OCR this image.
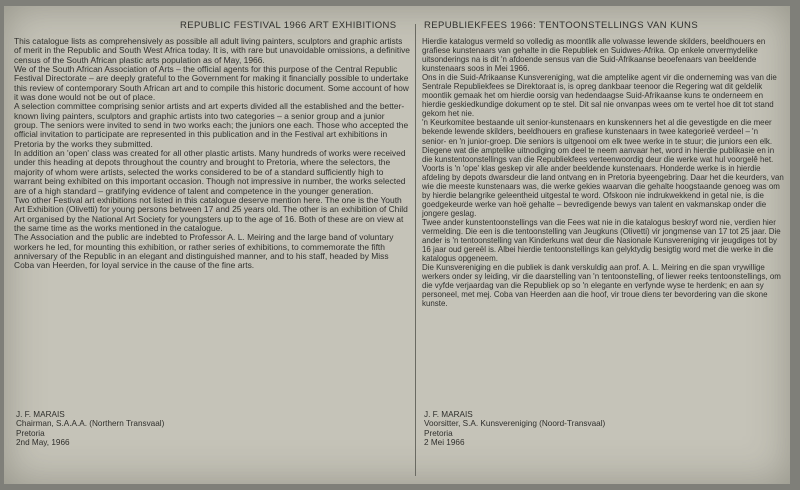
REPUBLIC FESTIVAL 1966 ART EXHIBITIONS

This catalogue lists as comprehensively as possible all adult living painters, sculptors and graphic artists of merit in the Republic and South West Africa today. It is, with rare but unavoidable omissions, a definitive census of the South African plastic arts population as of May, 1966.

We of the South African Association of Arts – the official agents for this purpose of the Central Republic Festival Directorate – are deeply grateful to the Government for making it financially possible to undertake this review of contemporary South African art and to compile this historic document. Some account of how it was done would not be out of place.

A selection committee comprising senior artists and art experts divided all the established and the better-known living painters, sculptors and graphic artists into two categories – a senior group and a junior group. The seniors were invited to send in two works each; the juniors one each. Those who accepted the official invitation to participate are represented in this publication and in the Festival art exhibitions in Pretoria by the works they submitted.

In addition an 'open' class was created for all other plastic artists. Many hundreds of works were received under this heading at depots throughout the country and brought to Pretoria, where the selectors, the majority of whom were artists, selected the works considered to be of a standard sufficiently high to warrant being exhibited on this important occasion. Though not impressive in number, the works selected are of a high standard – gratifying evidence of talent and competence in the younger generation.

Two other Festival art exhibitions not listed in this catalogue deserve mention here. The one is the Youth Art Exhibition (Olivetti) for young persons between 17 and 25 years old. The other is an exhibition of Child Art organised by the National Art Society for youngsters up to the age of 16. Both of these are on view at the same time as the works mentioned in the catalogue.

The Association and the public are indebted to Professor A. L. Meiring and the large band of voluntary workers he led, for mounting this exhibition, or rather series of exhibitions, to commemorate the fifth anniversary of the Republic in an elegant and distinguished manner, and to his staff, headed by Miss Coba van Heerden, for loyal service in the cause of the fine arts.

REPUBLIEKFEES 1966: TENTOONSTELLINGS VAN KUNS

Hierdie katalogus vermeld so volledig as moontlik alle volwasse lewende skilders, beeldhouers en grafiese kunstenaars van gehalte in die Republiek en Suidwes-Afrika. Op enkele onvermydelike uitsonderings na is dit 'n afdoende sensus van die Suid-Afrikaanse beoefenaars van beeldende kunstenaars soos in Mei 1966.

Ons in die Suid-Afrikaanse Kunsvereniging, wat die amptelike agent vir die onderneming was van die Sentrale Republiekfees se Direktoraat is, is opreg dankbaar teenoor die Regering wat dit geldelik moontlik gemaak het om hierdie oorsig van hedendaagse Suid-Afrikaanse kuns te onderneem en hierdie geskiedkundige dokument op te stel. Dit sal nie onvanpas wees om te vertel hoe dit tot stand gekom het nie.

'n Keurkomitee bestaande uit senior-kunstenaars en kunskenners het al die gevestigde en die meer bekende lewende skilders, beeldhouers en grafiese kunstenaars in twee kategorieë verdeel – 'n senior- en 'n junior-groep. Die seniors is uitgenooi om elk twee werke in te stuur; die juniors een elk. Diegene wat die amptelike uitnodiging om deel te neem aanvaar het, word in hierdie publikasie en in die kunstentoonstellings van die Republiekfees verteenwoordig deur die werke wat hul voorgelê het.

Voorts is 'n 'ope' klas geskep vir alle ander beeldende kunstenaars. Honderde werke is in hierdie afdeling by depots dwarsdeur die land ontvang en in Pretoria byeengebring. Daar het die keurders, van wie die meeste kunstenaars was, die werke gekies waarvan die gehalte hoogstaande genoeg was om by hierdie belangrike geleentheid uitgestal te word. Ofskoon nie indrukwekkend in getal nie, is die goedgekeurde werke van hoë gehalte – bevredigende bewys van talent en vakmanskap onder die jongere geslag.

Twee ander kunstentoonstellings van die Fees wat nie in die katalogus beskryf word nie, verdien hier vermelding. Die een is die tentoonstelling van Jeugkuns (Olivetti) vir jongmense van 17 tot 25 jaar. Die ander is 'n tentoonstelling van Kinderkuns wat deur die Nasionale Kunsvereniging vir jeugdiges tot by 16 jaar oud gereël is. Albei hierdie tentoonstellings kan gelyktydig besigtig word met die werke in die katalogus opgeneem.

Die Kunsvereniging en die publiek is dank verskuldig aan prof. A. L. Meiring en die span vrywillige werkers onder sy leiding, vir die daarstelling van 'n tentoonstelling, of liewer reeks tentoonstellings, om die vyfde verjaardag van die Republiek op so 'n elegante en verfynde wyse te herdenk; en aan sy personeel, met mej. Coba van Heerden aan die hoof, vir troue diens ter bevordering van die skone kunste.

J. F. MARAIS
Chairman, S.A.A.A. (Northern Transvaal)
Pretoria
2nd May, 1966
J. F. MARAIS
Voorsitter, S.A. Kunsvereniging (Noord-Transvaal)
Pretoria
2 Mei 1966
